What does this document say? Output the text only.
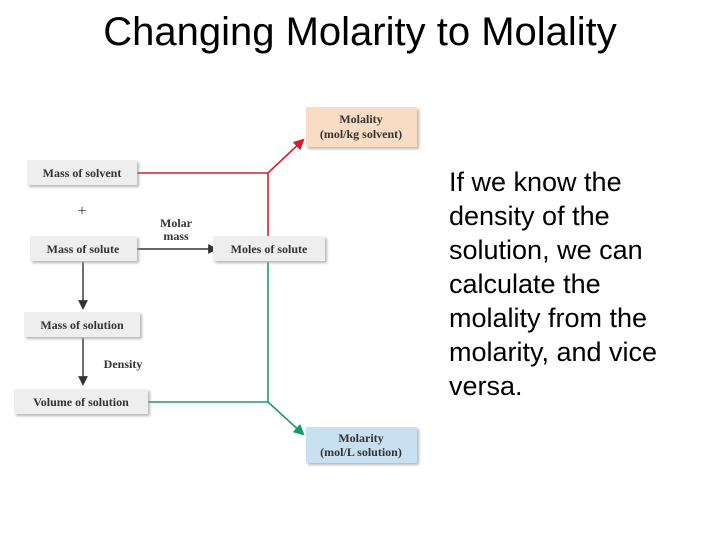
Changing Molarity to Molality
Molality
(mol/kg solvent)
Mass of solvent
+
Mass of solute
Molar
mass
Moles of solute
Mass of solution
Density
Volume of solution
Molarity
(mol/L solution)
If we know the
density of the
solution, we can
calculate the
molality from the
molarity, and vice
versa.
